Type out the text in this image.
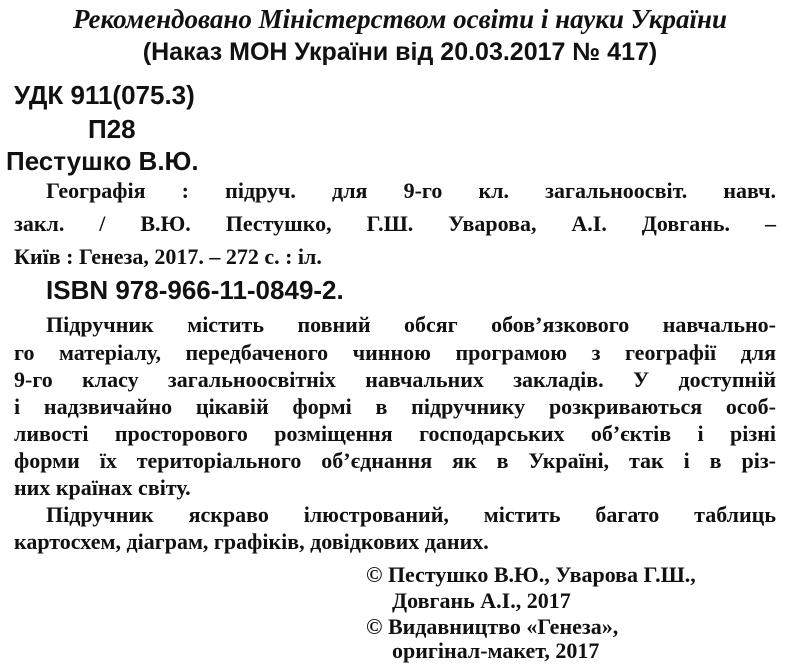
Рекомендовано Міністерством освіти і науки України

(Наказ МОН України від 20.03.2017 № 417)

УДК 911(075.3)

П28

Пестушко В.Ю.

Географія : підруч. для 9-го кл. загальноосвіт. навч.

закл. / В.Ю. Пестушко, Г.Ш. Уварова, А.І. Довгань. –

Київ : Генеза, 2017. – 272 с. : іл.

ISBN 978-966-11-0849-2.

Підручник містить повний обсяг обов’язкового навчально-

го матеріалу, передбаченого чинною програмою з географії для

9-го класу загальноосвітніх навчальних закладів. У доступній

і надзвичайно цікавій формі в підручнику розкриваються особ-

ливості просторового розміщення господарських об’єктів і різні

форми їх територіального об’єднання як в Україні, так і в різ-

них країнах світу.

Підручник яскраво ілюстрований, містить багато таблиць

картосхем, діаграм, графіків, довідкових даних.

© Пестушко В.Ю., Уварова Г.Ш.,

Довгань А.І., 2017

© Видавництво «Генеза»,

оригінал-макет, 2017
